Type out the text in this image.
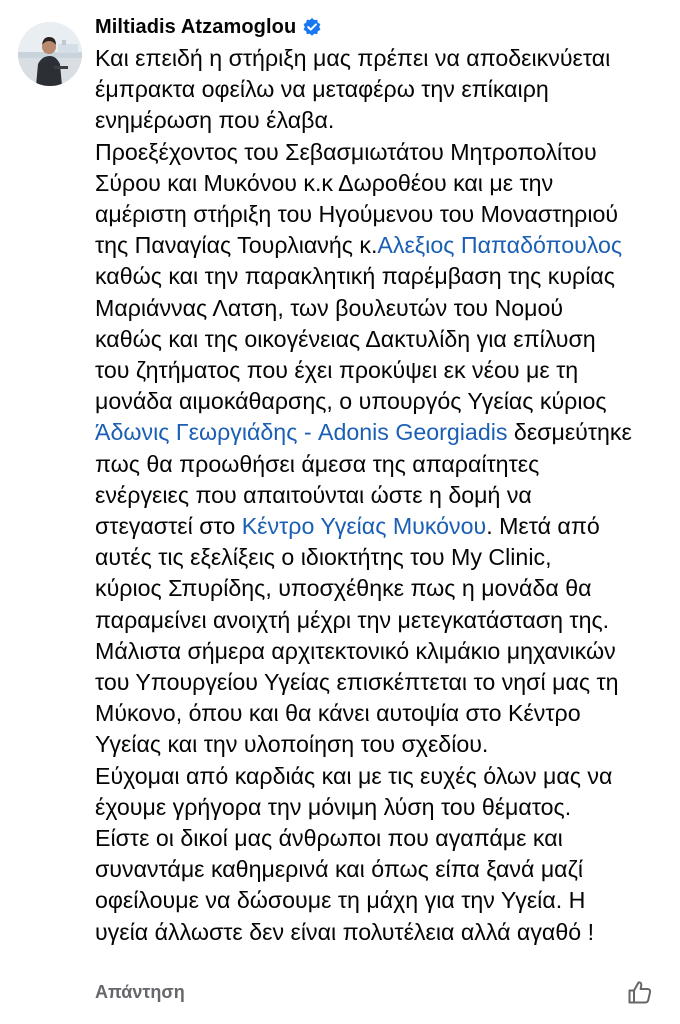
Miltiadis Atzamoglou
Και επειδή η στήριξη μας πρέπει να αποδεικνύεται
έμπρακτα οφείλω να μεταφέρω την επίκαιρη
ενημέρωση που έλαβα.
Προεξέχοντος του Σεβασμιωτάτου Μητροπολίτου
Σύρου και Μυκόνου κ.κ Δωροθέου και με την
αμέριστη στήριξη του Ηγούμενου του Μοναστηριού
της Παναγίας Τουρλιανής κ.Αλεξιος Παπαδόπουλος
καθώς και την παρακλητική παρέμβαση της κυρίας
Μαριάννας Λατση, των βουλευτών του Νομού
καθώς και της οικογένειας Δακτυλίδη για επίλυση
του ζητήματος που έχει προκύψει εκ νέου με τη
μονάδα αιμοκάθαρσης, ο υπουργός Υγείας κύριος
Άδωνις Γεωργιάδης - Adonis Georgiadis δεσμεύτηκε
πως θα προωθήσει άμεσα της απαραίτητες
ενέργειες που απαιτούνται ώστε η δομή να
στεγαστεί στο Κέντρο Υγείας Μυκόνου. Μετά από
αυτές τις εξελίξεις ο ιδιοκτήτης του My Clinic,
κύριος Σπυρίδης, υποσχέθηκε πως η μονάδα θα
παραμείνει ανοιχτή μέχρι την μετεγκατάσταση της.
Μάλιστα σήμερα αρχιτεκτονικό κλιμάκιο μηχανικών
του Υπουργείου Υγείας επισκέπτεται το νησί μας τη
Μύκονο, όπου και θα κάνει αυτοψία στο Κέντρο
Υγείας και την υλοποίηση του σχεδίου.
Εύχομαι από καρδιάς και με τις ευχές όλων μας να
έχουμε γρήγορα την μόνιμη λύση του θέματος.
Είστε οι δικοί μας άνθρωποι που αγαπάμε και
συναντάμε καθημερινά και όπως είπα ξανά μαζί
οφείλουμε να δώσουμε τη μάχη για την Υγεία. Η
υγεία άλλωστε δεν είναι πολυτέλεια αλλά αγαθό !
Απάντηση
